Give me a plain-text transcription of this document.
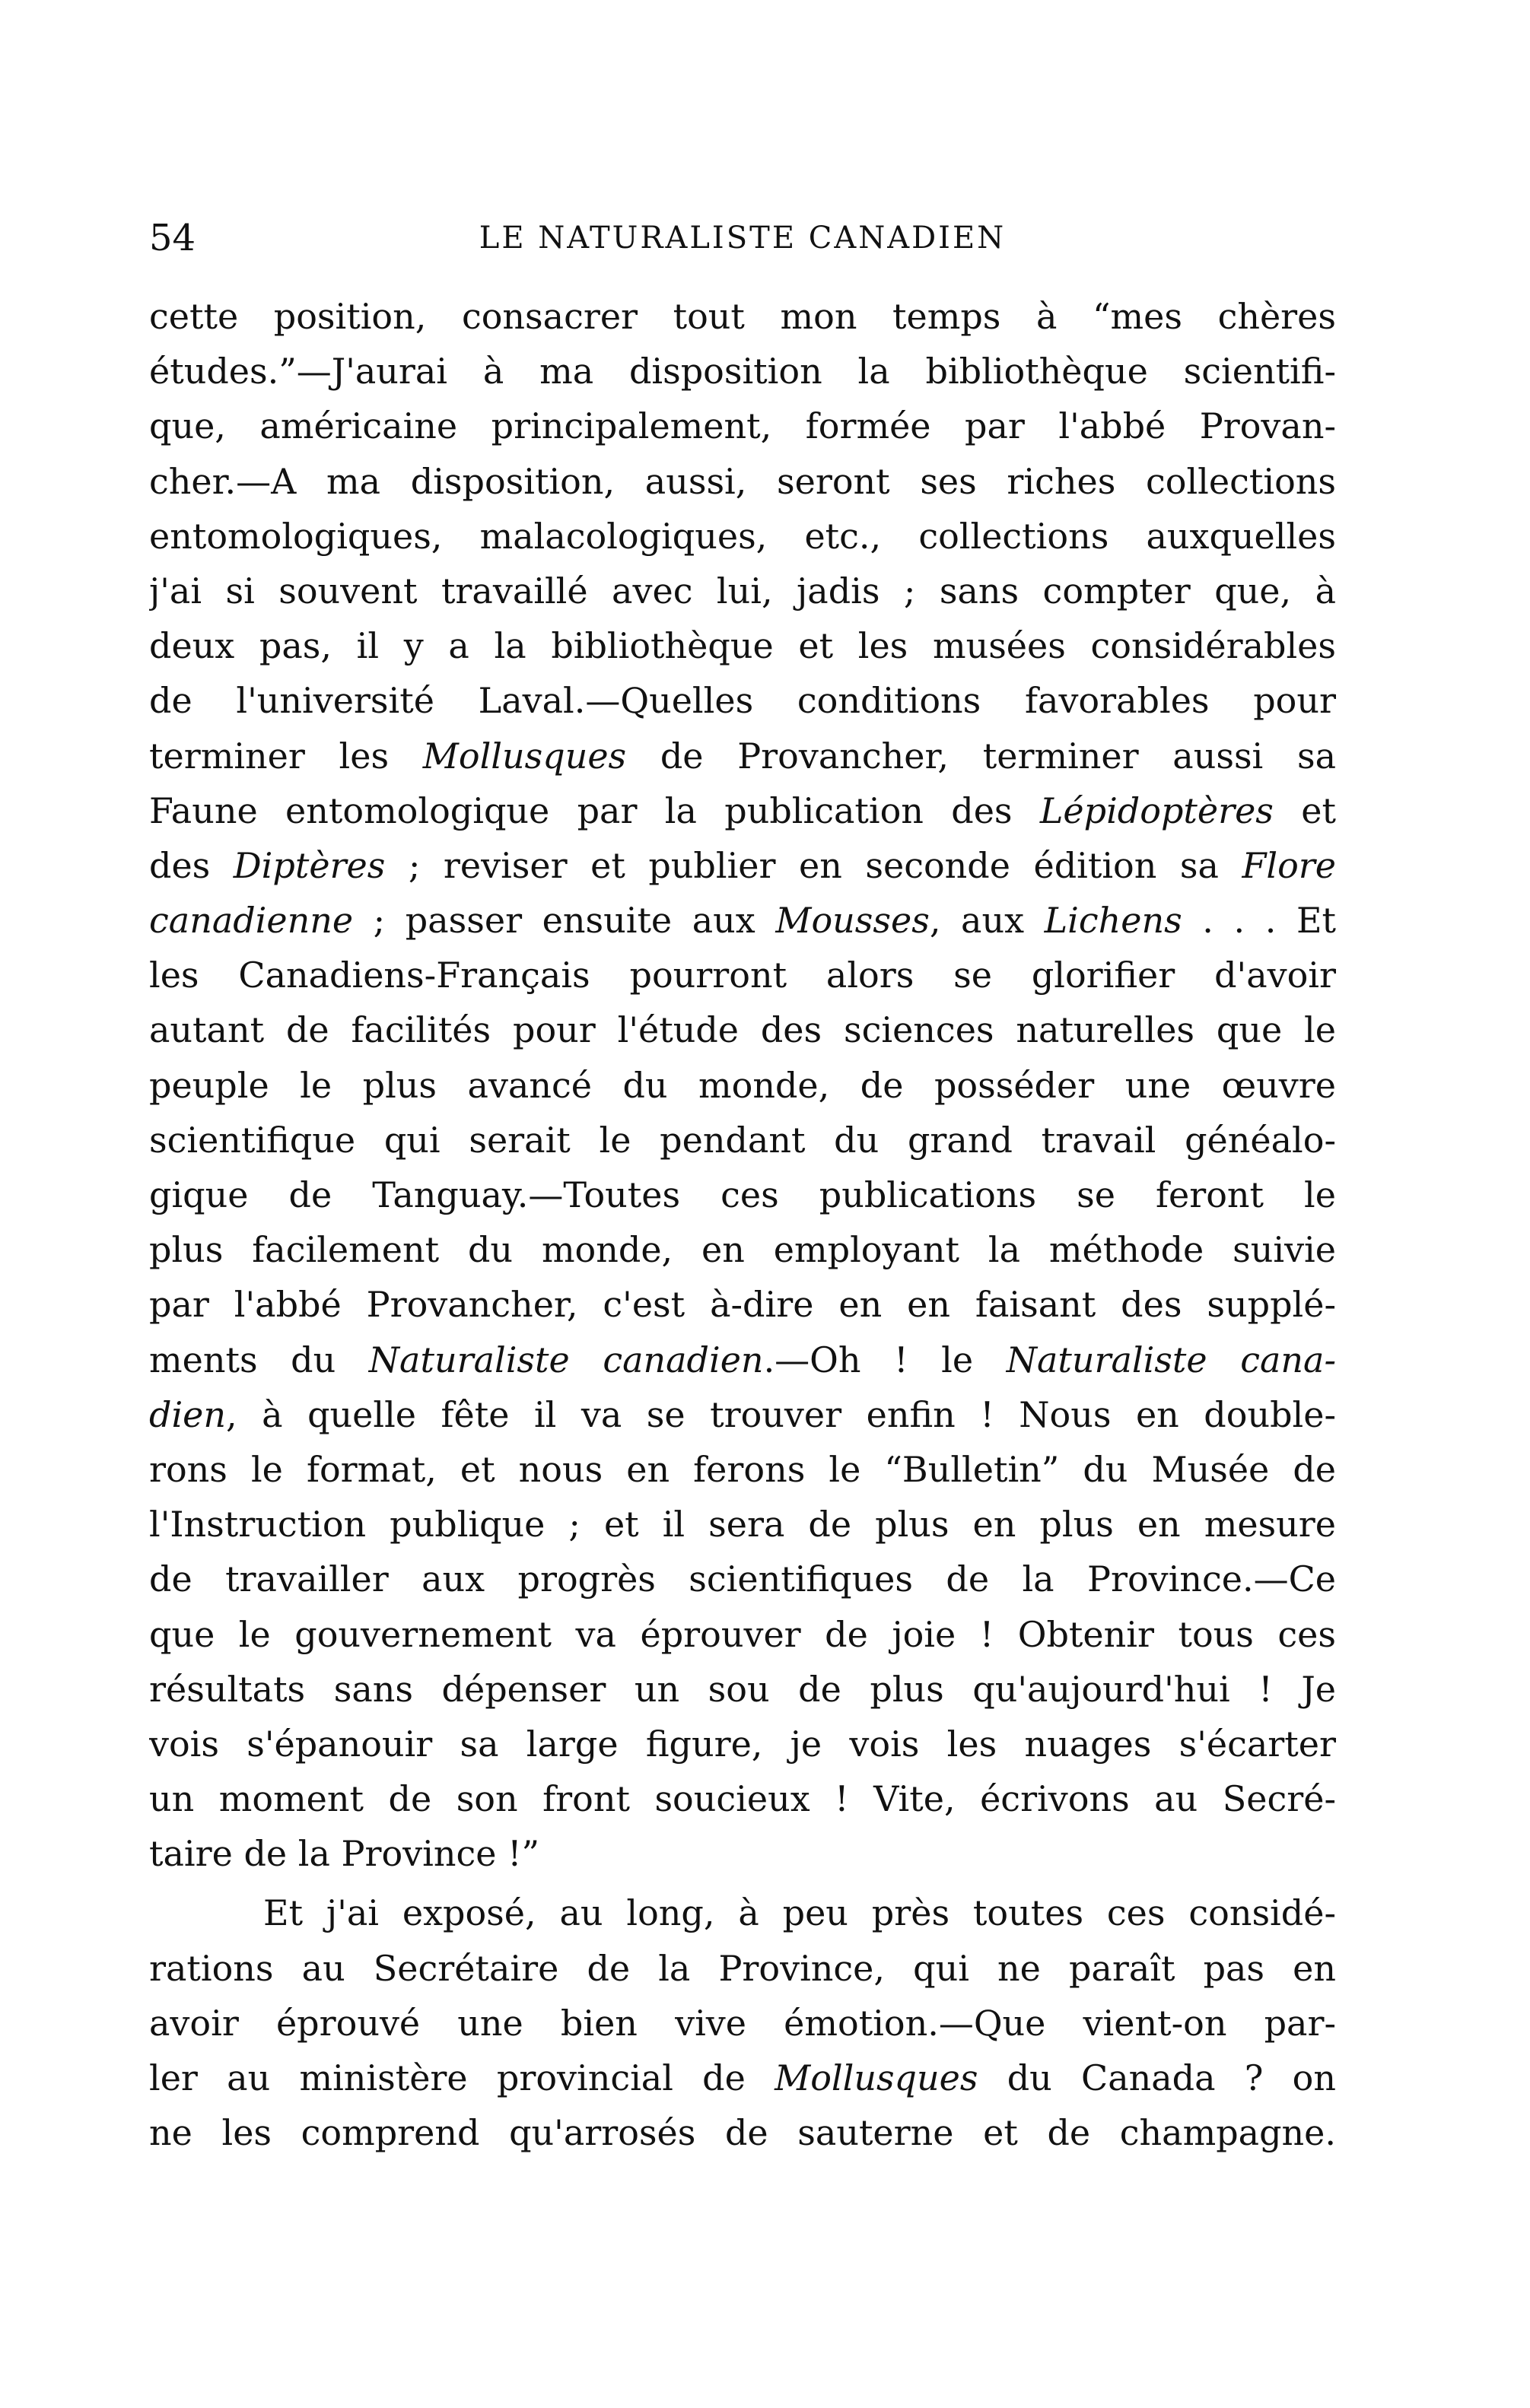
54	LE NATURALISTE CANADIEN
cette position, consacrer tout mon temps à “mes chères
études.”—J'aurai à ma disposition la bibliothèque scientifi-
que, américaine principalement, formée par l'abbé Provan-
cher.—A ma disposition, aussi, seront ses riches collections
entomologiques, malacologiques, etc., collections auxquelles
j'ai si souvent travaillé avec lui, jadis ; sans compter que, à
deux pas, il y a la bibliothèque et les musées considérables
de l'université Laval.—Quelles conditions favorables pour
terminer les Mollusques de Provancher, terminer aussi sa
Faune entomologique par la publication des Lépidoptères et
des Diptères ; reviser et publier en seconde édition sa Flore
canadienne ; passer ensuite aux Mousses, aux Lichens . . . Et
les Canadiens-Français pourront alors se glorifier d'avoir
autant de facilités pour l'étude des sciences naturelles que le
peuple le plus avancé du monde, de posséder une œuvre
scientifique qui serait le pendant du grand travail généalo-
gique de Tanguay.—Toutes ces publications se feront le
plus facilement du monde, en employant la méthode suivie
par l'abbé Provancher, c'est à-dire en en faisant des supplé-
ments du Naturaliste canadien.—Oh ! le Naturaliste cana-
dien, à quelle fête il va se trouver enfin ! Nous en double-
rons le format, et nous en ferons le “Bulletin” du Musée de
l'Instruction publique ; et il sera de plus en plus en mesure
de travailler aux progrès scientifiques de la Province.—Ce
que le gouvernement va éprouver de joie ! Obtenir tous ces
résultats sans dépenser un sou de plus qu'aujourd'hui ! Je
vois s'épanouir sa large figure, je vois les nuages s'écarter
un moment de son front soucieux ! Vite, écrivons au Secré-
taire de la Province !”
Et j'ai exposé, au long, à peu près toutes ces considé-
rations au Secrétaire de la Province, qui ne paraît pas en
avoir éprouvé une bien vive émotion.—Que vient-on par-
ler au ministère provincial de Mollusques du Canada ? on
ne les comprend qu'arrosés de sauterne et de champagne.
